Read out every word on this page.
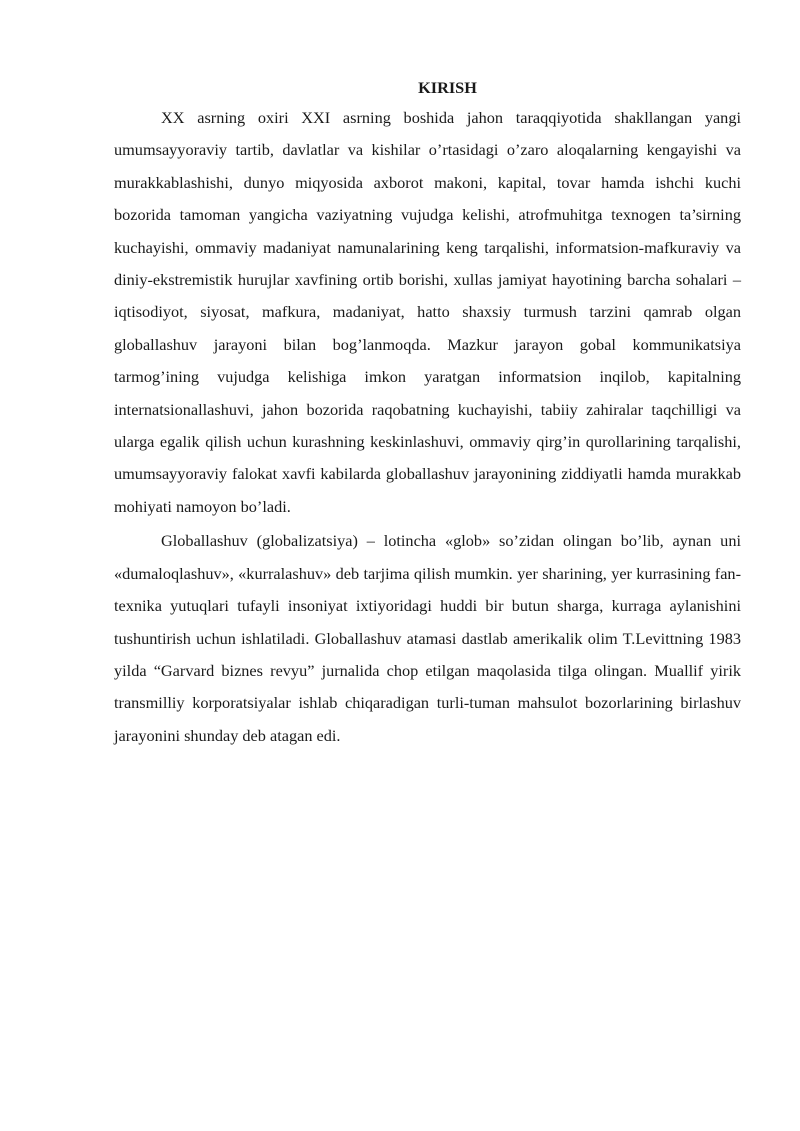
KIRISH

XX asrning oxiri XXI asrning boshida jahon taraqqiyotida shakllangan yangi umumsayyoraviy tartib, davlatlar va kishilar o’rtasidagi o’zaro aloqalarning kengayishi va murakkablashishi, dunyo miqyosida axborot makoni, kapital, tovar hamda ishchi kuchi bozorida tamoman yangicha vaziyatning vujudga kelishi, atrofmuhitga texnogen ta’sirning kuchayishi, ommaviy madaniyat namunalarining keng tarqalishi, informatsion-mafkuraviy va diniy-ekstremistik hurujlar xavfining ortib borishi, xullas jamiyat hayotining barcha sohalari – iqtisodiyot, siyosat, mafkura, madaniyat, hatto shaxsiy turmush tarzini qamrab olgan globallashuv jarayoni bilan bog’lanmoqda. Mazkur jarayon gobal kommunikatsiya tarmog’ining vujudga kelishiga imkon yaratgan informatsion inqilob, kapitalning internatsionallashuvi, jahon bozorida raqobatning kuchayishi, tabiiy zahiralar taqchilligi va ularga egalik qilish uchun kurashning keskinlashuvi, ommaviy qirg’in qurollarining tarqalishi, umumsayyoraviy falokat xavfi kabilarda globallashuv jarayonining ziddiyatli hamda murakkab mohiyati namoyon bo’ladi.

Globallashuv (globalizatsiya) – lotincha «glob» so’zidan olingan bo’lib, aynan uni «dumaloqlashuv», «kurralashuv» deb tarjima qilish mumkin. yer sharining, yer kurrasining fan-texnika yutuqlari tufayli insoniyat ixtiyoridagi huddi bir butun sharga, kurraga aylanishini tushuntirish uchun ishlatiladi. Globallashuv atamasi dastlab amerikalik olim T.Levittning 1983 yilda “Garvard biznes revyu” jurnalida chop etilgan maqolasida tilga olingan. Muallif yirik transmilliy korporatsiyalar ishlab chiqaradigan turli-tuman mahsulot bozorlarining birlashuv jarayonini shunday deb atagan edi.
